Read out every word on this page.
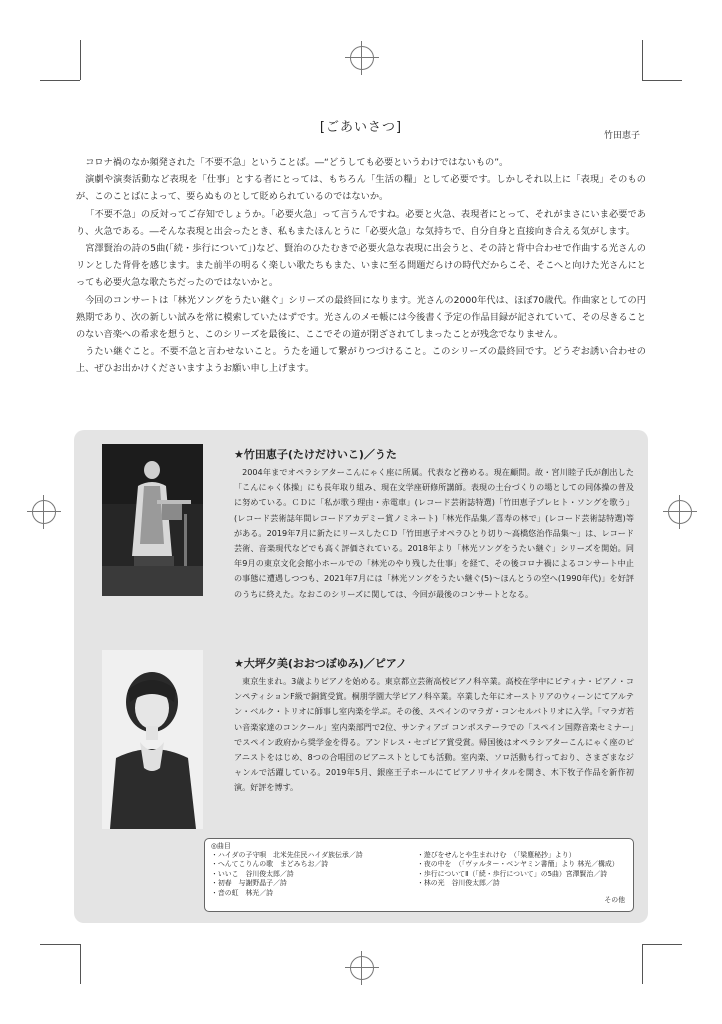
[ごあいさつ]
竹田恵子

コロナ禍のなか頻発された「不要不急」ということば。―“どうしても必要というわけではないもの”。

演劇や演奏活動など表現を「仕事」とする者にとっては、もちろん「生活の糧」として必要です。しかしそれ以上に「表現」そのものが、このことばによって、要らぬものとして貶められているのではないか。

「不要不急」の反対ってご存知でしょうか。「必要火急」って言うんですね。必要と火急、表現者にとって、それがまさにいま必要であり、火急である。―そんな表現と出会ったとき、私もまたほんとうに「必要火急」な気持ちで、自分自身と直接向き合える気がします。

宮澤賢治の詩の5曲(「続・歩行について」)など、賢治のひたむきで必要火急な表現に出会うと、その詩と背中合わせで作曲する光さんのリンとした背骨を感じます。また前半の明るく楽しい歌たちもまた、いまに至る問題だらけの時代だからこそ、そこへと向けた光さんにとっても必要火急な歌たちだったのではないかと。

今回のコンサートは「林光ソングをうたい継ぐ」シリーズの最終回になります。光さんの2000年代は、ほぼ70歳代。作曲家としての円熟期であり、次の新しい試みを常に模索していたはずです。光さんのメモ帳には今後書く予定の作品目録が記されていて、その尽きることのない音楽への希求を想うと、このシリーズを最後に、ここでその道が閉ざされてしまったことが残念でなりません。

うたい継ぐこと。不要不急と言わせないこと。うたを通して繋がりつづけること。このシリーズの最終回です。どうぞお誘い合わせの上、ぜひお出かけくださいますようお願い申し上げます。

★竹田恵子(たけだけいこ)／うた

2004年までオペラシアターこんにゃく座に所属。代表など務める。現在顧問。故・宮川睦子氏が創出した「こんにゃく体操」にも長年取り組み、現在文学座研修所講師。表現の土台づくりの場としての同体操の普及に努めている。ＣＤに「私が歌う理由・赤電車」(レコード芸術誌特選)「竹田恵子プレヒト・ソングを歌う」(レコード芸術誌年間レコードアカデミー賞ノミネート)「林光作品集／喜寿の林で」(レコード芸術誌特選)等がある。2019年7月に新たにリースしたＣＤ「竹田恵子オペラひとり切り〜高橋悠治作品集〜」は、レコード芸術、音楽現代などでも高く評価されている。2018年より「林光ソングをうたい継ぐ」シリーズを開始。同年9月の東京文化会館小ホールでの「林光のやり残した仕事」を経て、その後コロナ禍によるコンサート中止の事態に遭遇しつつも、2021年7月には「林光ソングをうたい継ぐ(5)〜ほんとうの空へ(1990年代)」を好評のうちに終えた。なおこのシリーズに関しては、今回が最後のコンサートとなる。

★大坪夕美(おおつぼゆみ)／ピアノ

東京生まれ。3歳よりピアノを始める。東京都立芸術高校ピアノ科卒業。高校在学中にビティナ・ピアノ・コンペティションF級で銅賞受賞。桐朋学園大学ピアノ科卒業。卒業した年にオーストリアのウィーンにてアルテン・ベルク・トリオに師事し室内楽を学ぶ。その後、スペインのマラガ・コンセルバトリオに入学。「マラガ若い音楽家達のコンクール」室内楽部門で2位、サンティアゴ コンポステーラでの「スペイン国際音楽セミナー」でスペイン政府から奨学金を得る。アンドレス・セゴビア賞受賞。帰国後はオペラシアターこんにゃく座のピアニストをはじめ、8つの合唱団のピアニストとしても活動。室内楽、ソロ活動も行っており、さまざまなジャンルで活躍している。2019年5月、銀座王子ホールにてピアノリサイタルを開き、木下牧子作品を新作初演。好評を博す。

◎曲目
・ハイダの子守唄　北米先住民ハイダ族伝承／詩
・へんてこりんの歌　まどみちお／詩
・いいこ　谷川俊太郎／詩
・初春　与謝野晶子／詩
・音の虹　林光／詩
・遊びをせんとや生まれけむ　（「梁塵秘抄」より）
・夜の中を　（「ヴァルター・ベンヤミン書簡」より 林光／構成）
・歩行についてⅡ（「続・歩行について」の5曲）宮澤賢治／詩
・林の光　谷川俊太郎／詩
その他
